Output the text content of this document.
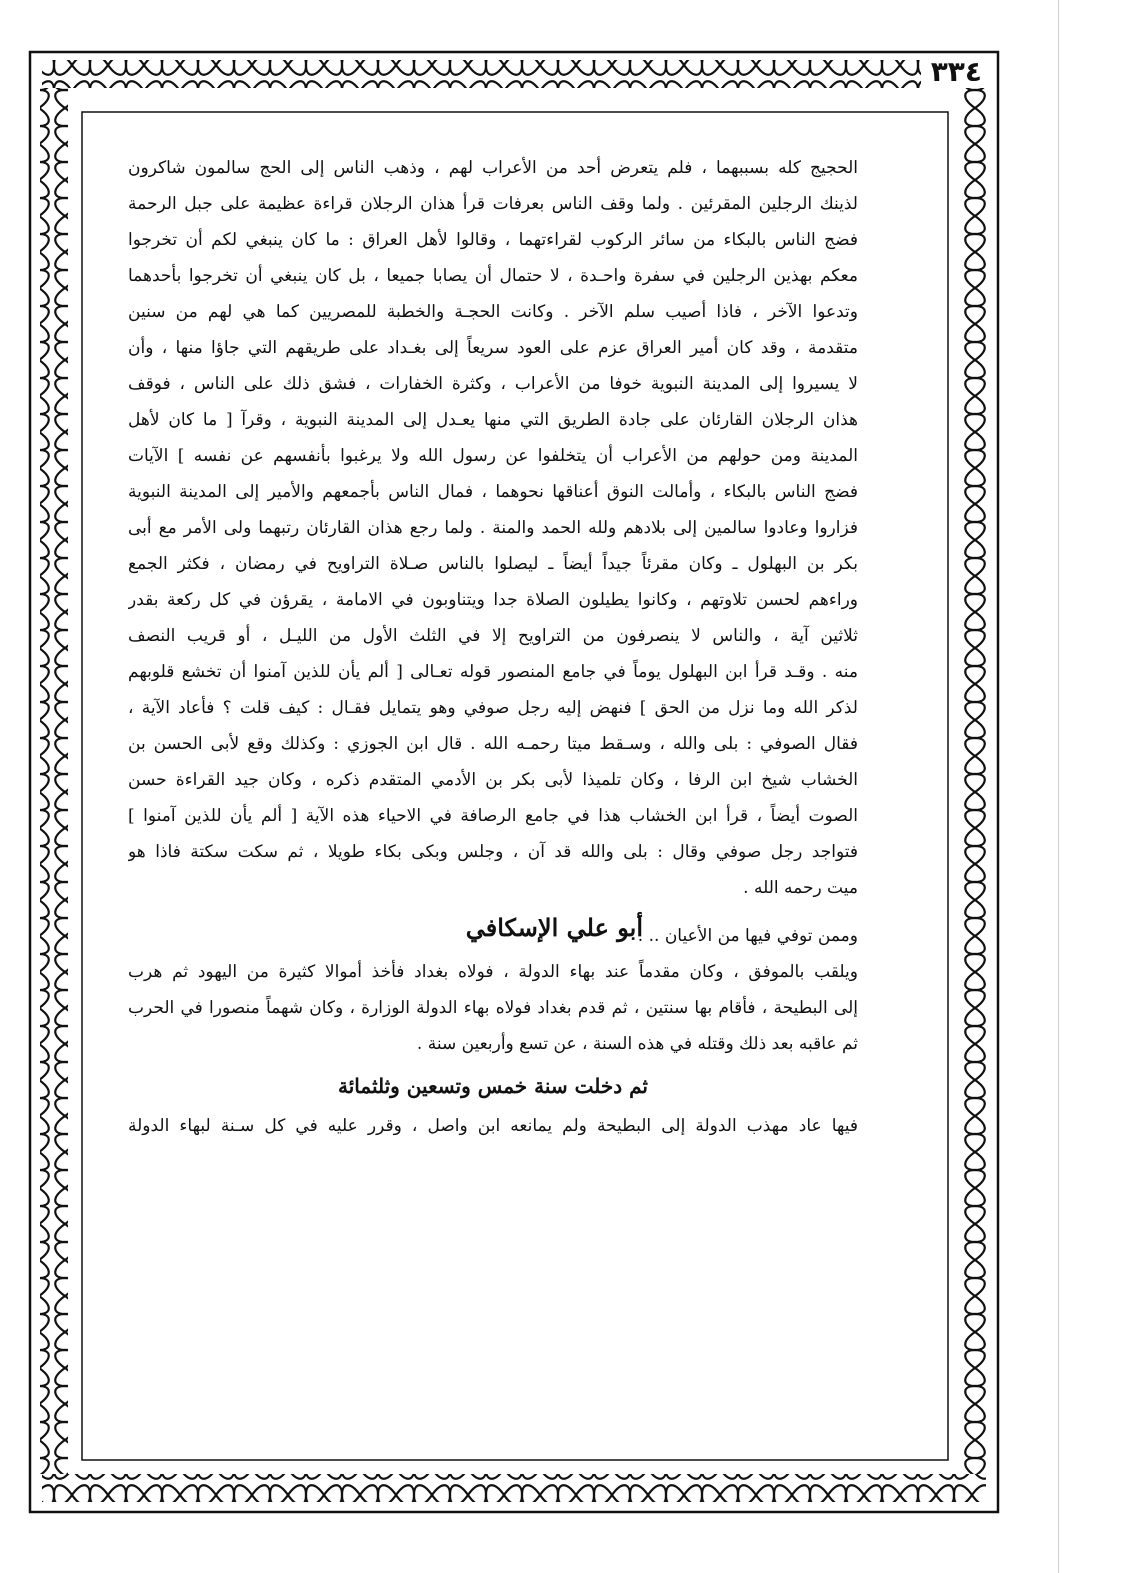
٣٣٤
الحجيج كله بسببهما ، فلم يتعرض أحد من الأعراب لهم ، وذهب الناس إلى الحج سالمون شاكرون
لذينك الرجلين المقرئين . ولما وقف الناس بعرفات قرأ هذان الرجلان قراءة عظيمة على جبل الرحمة
فضج الناس بالبكاء من سائر الركوب لقراءتهما ، وقالوا لأهل العراق : ما كان ينبغي لكم أن تخرجوا
معكم بهذين الرجلين في سفرة واحـدة ، لا حتمال أن يصابا جميعا ، بل كان ينبغي أن تخرجوا بأحدهما
وتدعوا الآخر ، فاذا أصيب سلم الآخر . وكانت الحجـة والخطبة للمصريين كما هي لهم من سنين
متقدمة ، وقد كان أمير العراق عزم على العود سريعاً إلى بغـداد على طريقهم التي جاؤا منها ، وأن
لا يسيروا إلى المدينة النبوية خوفا من الأعراب ، وكثرة الخفارات ، فشق ذلك على الناس ، فوقف
هذان الرجلان القارئان على جادة الطريق التي منها يعـدل إلى المدينة النبوية ، وقرآ [ ما كان لأهل
المدينة ومن حولهم من الأعراب أن يتخلفوا عن رسول الله ولا يرغبوا بأنفسهم عن نفسه ] الآيات
فضج الناس بالبكاء ، وأمالت النوق أعناقها نحوهما ، فمال الناس بأجمعهم والأمير إلى المدينة النبوية
فزاروا وعادوا سالمين إلى بلادهم ولله الحمد والمنة . ولما رجع هذان القارئان رتبهما ولى الأمر مع أبى
بكر بن البهلول ـ وكان مقرئاً جيداً أيضاً ـ ليصلوا بالناس صـلاة التراويح في رمضان ، فكثر الجمع
وراءهم لحسن تلاوتهم ، وكانوا يطيلون الصلاة جدا ويتناوبون في الامامة ، يقرؤن في كل ركعة بقدر
ثلاثين آية ، والناس لا ينصرفون من التراويح إلا في الثلث الأول من الليـل ، أو قريب النصف
منه . وقـد قرأ ابن البهلول يوماً في جامع المنصور قوله تعـالى [ ألم يأن للذين آمنوا أن تخشع قلوبهم
لذكر الله وما نزل من الحق ] فنهض إليه رجل صوفي وهو يتمايل فقـال : كيف قلت ؟ فأعاد الآية ،
فقال الصوفي : بلى والله ، وسـقط ميتا رحمـه الله . قال ابن الجوزي : وكذلك وقع لأبى الحسن بن
الخشاب شيخ ابن الرفا ، وكان تلميذا لأبى بكر بن الأدمي المتقدم ذكره ، وكان جيد القراءة حسن
الصوت أيضاً ، قرأ ابن الخشاب هذا في جامع الرصافة في الاحياء هذه الآية [ ألم يأن للذين آمنوا ]
فتواجد رجل صوفي وقال : بلى والله قد آن ، وجلس وبكى بكاء طويلا ، ثم سكت سكتة فاذا هو
ميت رحمه الله .
وممن توفي فيها من الأعيان .. .
أبو علي الإسكافي
ويلقب بالموفق ، وكان مقدماً عند بهاء الدولة ، فولاه بغداد فأخذ أموالا كثيرة من اليهود ثم هرب
إلى البطيحة ، فأقام بها سنتين ، ثم قدم بغداد فولاه بهاء الدولة الوزارة ، وكان شهماً منصورا في الحرب
ثم عاقبه بعد ذلك وقتله في هذه السنة ، عن تسع وأربعين سنة .
ثم دخلت سنة خمس وتسعين وثلثمائة
فيها عاد مهذب الدولة إلى البطيحة ولم يمانعه ابن واصل ، وقرر عليه في كل سـنة لبهاء الدولة
